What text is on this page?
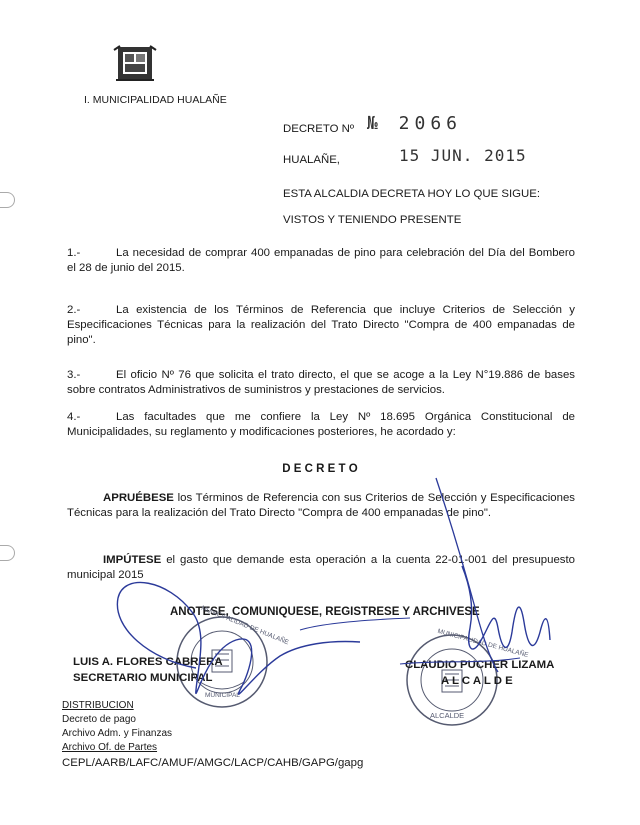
I. MUNICIPALIDAD HUALAÑE
DECRETO Nº № 2066
HUALAÑE,	15 JUN. 2015
ESTA ALCALDIA DECRETA HOY LO QUE SIGUE:
VISTOS Y TENIENDO PRESENTE
1.-	La necesidad de comprar 400 empanadas de pino para celebración del Día del Bombero el 28 de junio del 2015.
2.-	La existencia de los Términos de Referencia que incluye Criterios de Selección y Especificaciones Técnicas para la realización del Trato Directo "Compra de 400 empanadas de pino".
3.-	El oficio Nº 76 que solicita el trato directo, el que se acoge a la Ley N°19.886 de bases sobre contratos Administrativos de suministros y prestaciones de servicios.
4.-	Las facultades que me confiere la Ley Nº 18.695 Orgánica Constitucional de Municipalidades, su reglamento y modificaciones posteriores, he acordado y:
D E C R E T O
APRUÉBESE los Términos de Referencia con sus Criterios de Selección y Especificaciones Técnicas para la realización del Trato Directo "Compra de 400 empanadas de pino".
IMPÚTESE el gasto que demande esta operación a la cuenta 22-01-001 del presupuesto municipal 2015
ANOTESE, COMUNIQUESE, REGISTRESE Y ARCHIVESE
MUNICIPALIDAD DE HUALAÑE
MUNICIPAL
MUNICIPALIDAD DE HUALAÑE
ALCALDE
LUIS A. FLORES CABRERA
SECRETARIO MUNICIPAL
CLAUDIO PUCHER LIZAMA
A L C A L D E
DISTRIBUCION
Decreto de pago
Archivo Adm. y Finanzas
Archivo Of. de Partes
CEPL/AARB/LAFC/AMUF/AMGC/LACP/CAHB/GAPG/gapg
